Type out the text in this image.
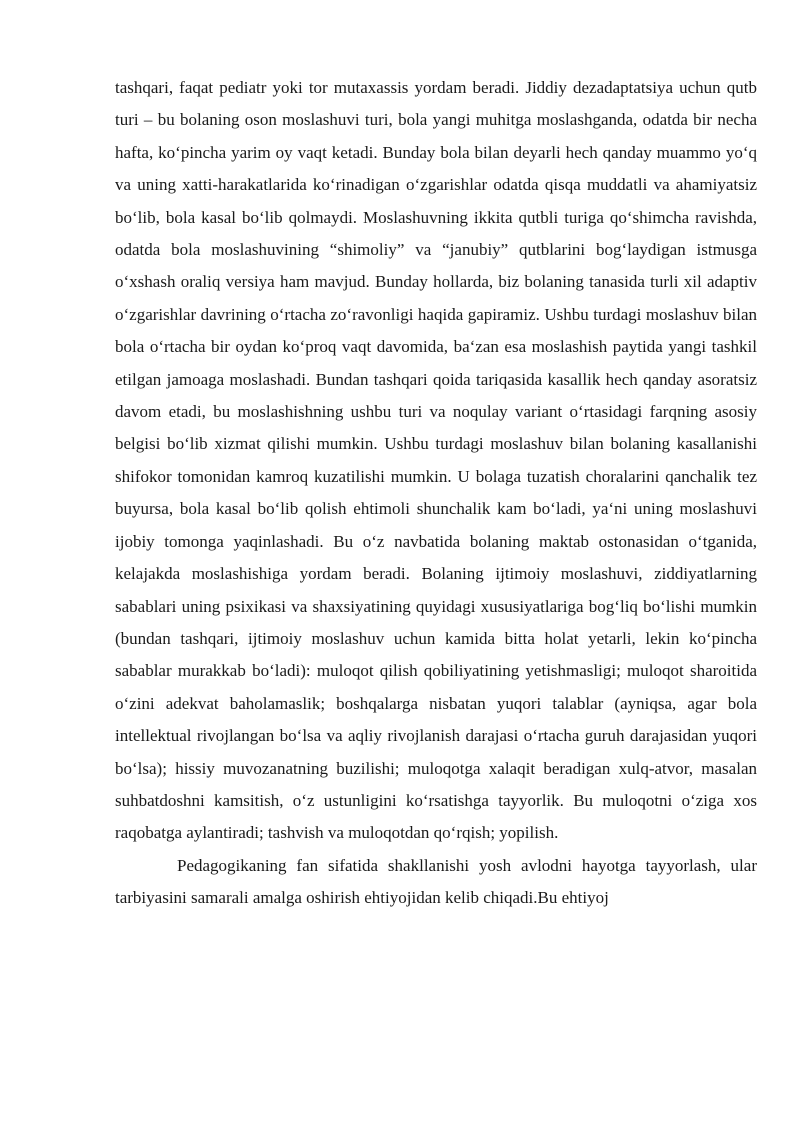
tashqari, faqat pediatr yoki tor mutaxassis yordam beradi. Jiddiy dezadaptatsiya uchun qutb turi – bu bolaning oson moslashuvi turi, bola yangi muhitga moslashganda, odatda bir necha hafta, ko‘pincha yarim oy vaqt ketadi. Bunday bola bilan deyarli hech qanday muammo yo‘q va uning xatti-harakatlarida ko‘rinadigan o‘zgarishlar odatda qisqa muddatli va ahamiyatsiz bo‘lib, bola kasal bo‘lib qolmaydi. Moslashuvning ikkita qutbli turiga qo‘shimcha ravishda, odatda bola moslashuvining “shimoliy” va “janubiy” qutblarini bog‘laydigan istmusga o‘xshash oraliq versiya ham mavjud. Bunday hollarda, biz bolaning tanasida turli xil adaptiv o‘zgarishlar davrining o‘rtacha zo‘ravonligi haqida gapiramiz. Ushbu turdagi moslashuv bilan bola o‘rtacha bir oydan ko‘proq vaqt davomida, ba‘zan esa moslashish paytida yangi tashkil etilgan jamoaga moslashadi. Bundan tashqari qoida tariqasida kasallik hech qanday asoratsiz davom etadi, bu moslashishning ushbu turi va noqulay variant o‘rtasidagi farqning asosiy belgisi bo‘lib xizmat qilishi mumkin. Ushbu turdagi moslashuv bilan bolaning kasallanishi shifokor tomonidan kamroq kuzatilishi mumkin. U bolaga tuzatish choralarini qanchalik tez buyursa, bola kasal bo‘lib qolish ehtimoli shunchalik kam bo‘ladi, ya‘ni uning moslashuvi ijobiy tomonga yaqinlashadi. Bu o‘z navbatida bolaning maktab ostonasidan o‘tganida, kelajakda moslashishiga yordam beradi. Bolaning ijtimoiy moslashuvi, ziddiyatlarning sabablari uning psixikasi va shaxsiyatining quyidagi xususiyatlariga bog‘liq bo‘lishi mumkin (bundan tashqari, ijtimoiy moslashuv uchun kamida bitta holat yetarli, lekin ko‘pincha sabablar murakkab bo‘ladi): muloqot qilish qobiliyatining yetishmasligi; muloqot sharoitida o‘zini adekvat baholamaslik; boshqalarga nisbatan yuqori talablar (ayniqsa, agar bola intellektual rivojlangan bo‘lsa va aqliy rivojlanish darajasi o‘rtacha guruh darajasidan yuqori bo‘lsa); hissiy muvozanatning buzilishi; muloqotga xalaqit beradigan xulq-atvor, masalan suhbatdoshni kamsitish, o‘z ustunligini ko‘rsatishga tayyorlik. Bu muloqotni o‘ziga xos raqobatga aylantiradi; tashvish va muloqotdan qo‘rqish; yopilish.

Pedagogikaning fan sifatida shakllanishi yosh avlodni hayotga tayyorlash, ular tarbiyasini samarali amalga oshirish ehtiyojidan kelib chiqadi.Bu ehtiyoj
